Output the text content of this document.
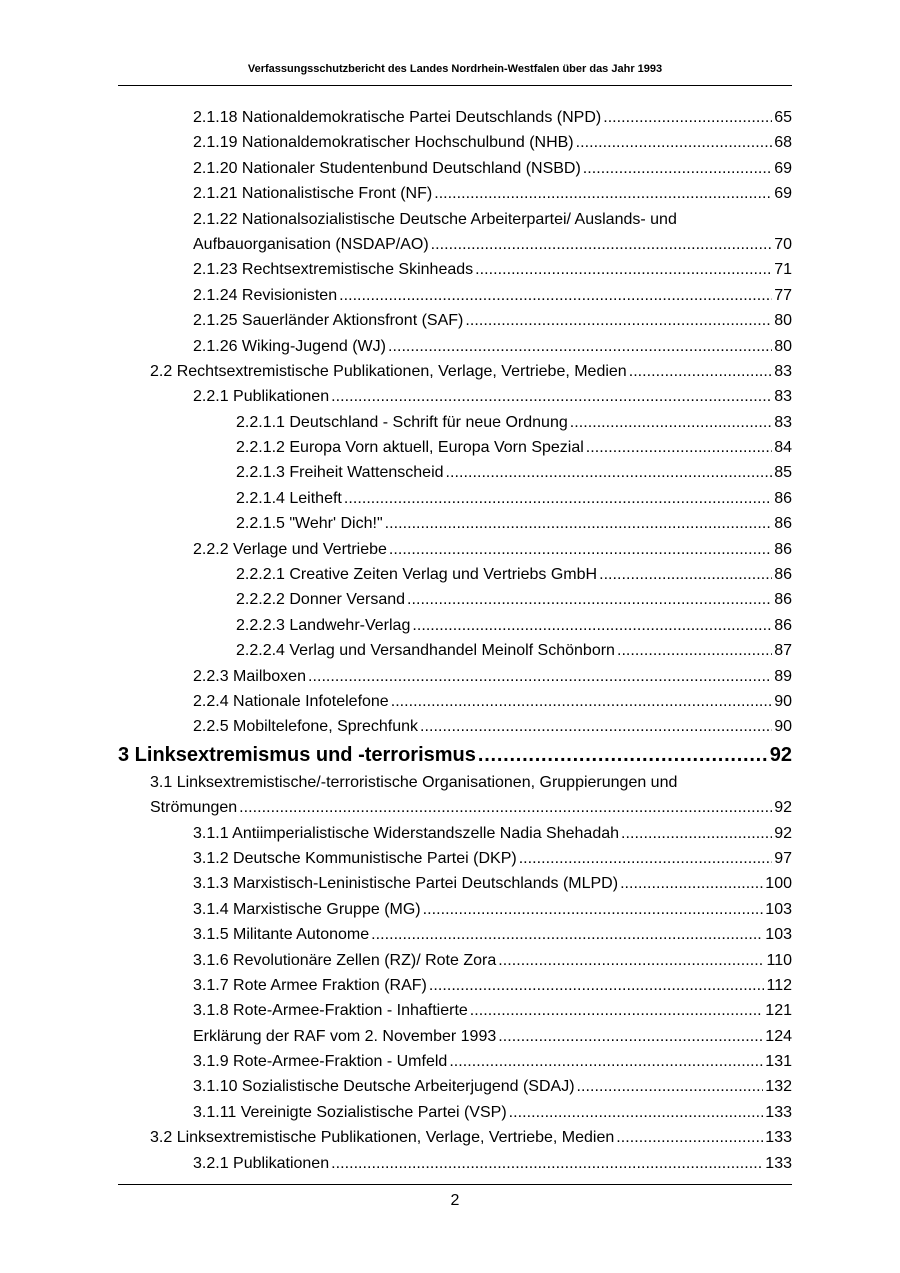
Verfassungsschutzbericht des Landes Nordrhein-Westfalen über das Jahr 1993
2.1.18 Nationaldemokratische Partei Deutschlands (NPD) . . .	65
2.1.19 Nationaldemokratischer Hochschulbund (NHB) . . .	68
2.1.20 Nationaler Studentenbund Deutschland (NSBD) . . .	69
2.1.21 Nationalistische Front (NF) . . .	69
2.1.22 Nationalsozialistische Deutsche Arbeiterpartei/ Auslands- und
Aufbauorganisation (NSDAP/AO) . . .	70
2.1.23 Rechtsextremistische Skinheads . . .	71
2.1.24 Revisionisten . . .	77
2.1.25 Sauerländer Aktionsfront (SAF) . . .	80
2.1.26 Wiking-Jugend (WJ) . . .	80
2.2 Rechtsextremistische Publikationen, Verlage, Vertriebe, Medien . . .	83
2.2.1 Publikationen . . .	83
2.2.1.1 Deutschland - Schrift für neue Ordnung . . .	83
2.2.1.2 Europa Vorn aktuell, Europa Vorn Spezial . . .	84
2.2.1.3 Freiheit Wattenscheid . . .	85
2.2.1.4 Leitheft . . .	86
2.2.1.5 "Wehr' Dich!" . . .	86
2.2.2 Verlage und Vertriebe . . .	86
2.2.2.1 Creative Zeiten Verlag und Vertriebs GmbH . . .	86
2.2.2.2 Donner Versand . . .	86
2.2.2.3 Landwehr-Verlag . . .	86
2.2.2.4 Verlag und Versandhandel Meinolf Schönborn . . .	87
2.2.3 Mailboxen . . .	89
2.2.4 Nationale Infotelefone . . .	90
2.2.5 Mobiltelefone, Sprechfunk . . .	90
3 Linksextremismus und -terrorismus . . .	92
3.1 Linksextremistische/-terroristische Organisationen, Gruppierungen und
Strömungen . . .	92
3.1.1 Antiimperialistische Widerstandszelle Nadia Shehadah . . .	92
3.1.2 Deutsche Kommunistische Partei (DKP) . . .	97
3.1.3 Marxistisch-Leninistische Partei Deutschlands (MLPD) . . .	100
3.1.4 Marxistische Gruppe (MG) . . .	103
3.1.5 Militante Autonome . . .	103
3.1.6 Revolutionäre Zellen (RZ)/ Rote Zora . . .	110
3.1.7 Rote Armee Fraktion (RAF) . . .	112
3.1.8 Rote-Armee-Fraktion - Inhaftierte . . .	121
Erklärung der RAF vom 2. November 1993 . . .	124
3.1.9 Rote-Armee-Fraktion - Umfeld . . .	131
3.1.10 Sozialistische Deutsche Arbeiterjugend (SDAJ) . . .	132
3.1.11 Vereinigte Sozialistische Partei (VSP) . . .	133
3.2 Linksextremistische Publikationen, Verlage, Vertriebe, Medien . . .	133
3.2.1 Publikationen . . .	133
2
